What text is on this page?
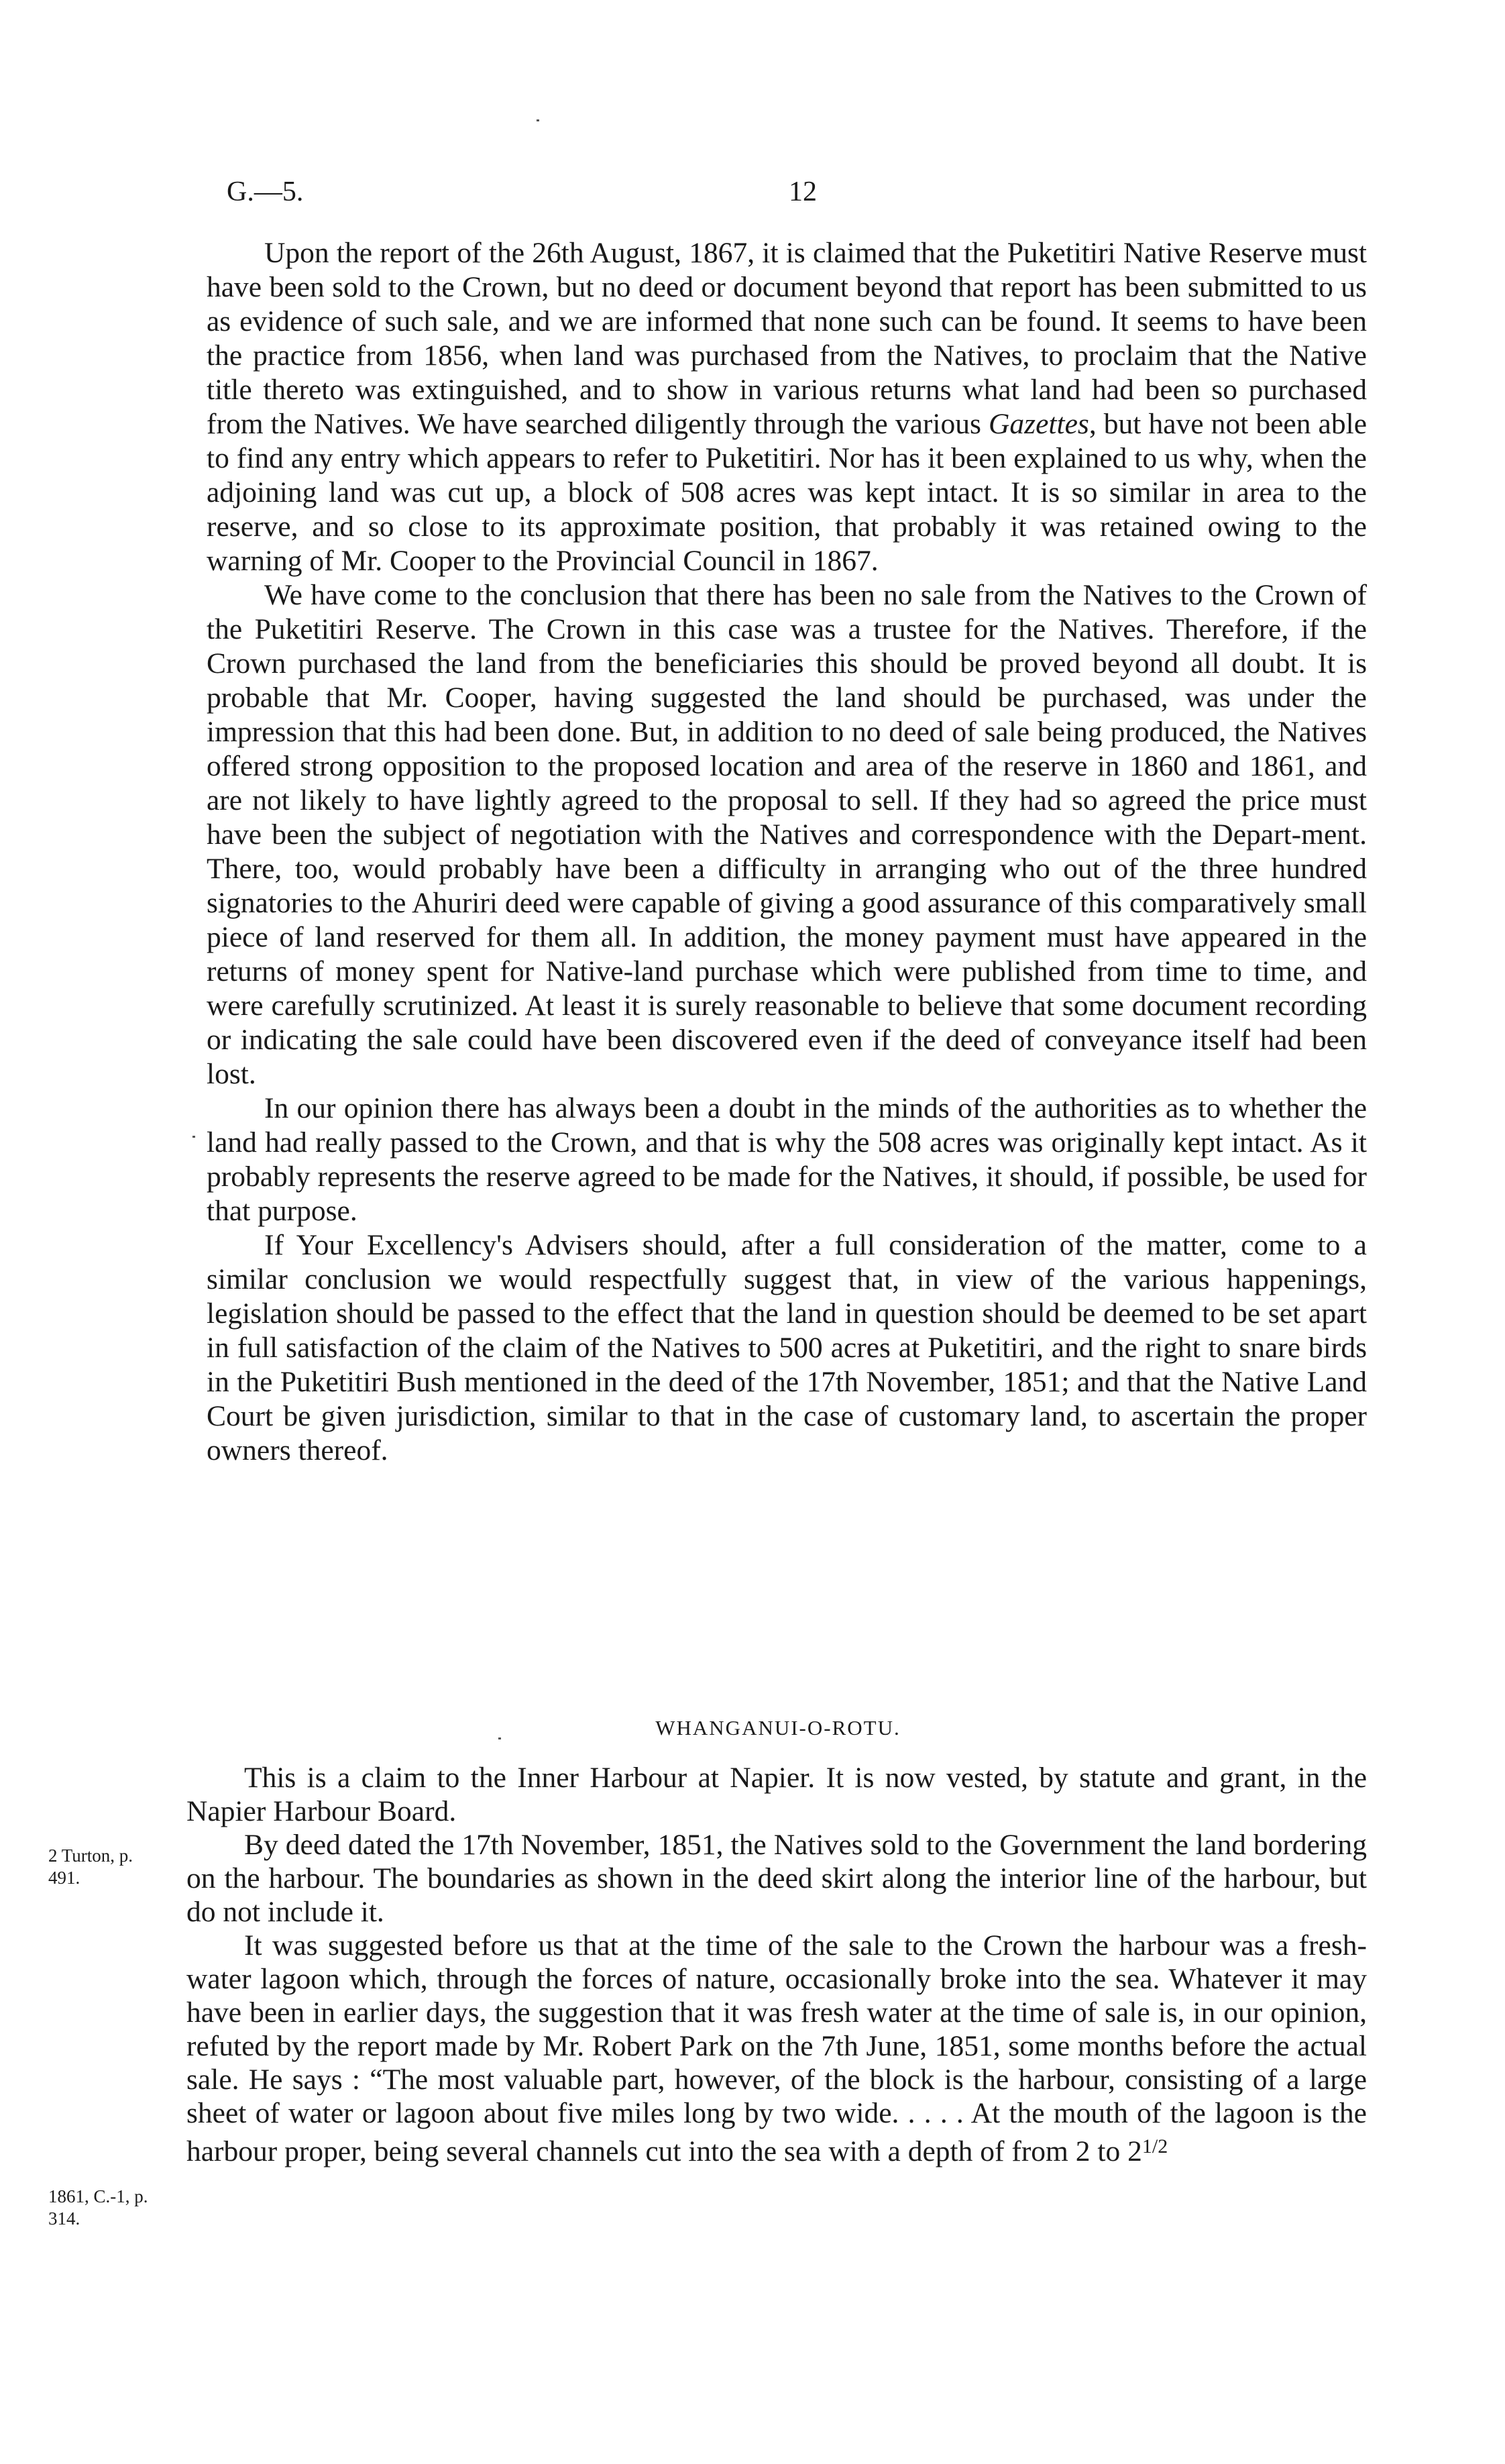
G.—5.	12

Upon the report of the 26th August, 1867, it is claimed that the Puketitiri Native Reserve must have been sold to the Crown, but no deed or document beyond that report has been submitted to us as evidence of such sale, and we are informed that none such can be found. It seems to have been the practice from 1856, when land was purchased from the Natives, to proclaim that the Native title thereto was extinguished, and to show in various returns what land had been so purchased from the Natives. We have searched diligently through the various Gazettes, but have not been able to find any entry which appears to refer to Puketitiri. Nor has it been explained to us why, when the adjoining land was cut up, a block of 508 acres was kept intact. It is so similar in area to the reserve, and so close to its approximate position, that probably it was retained owing to the warning of Mr. Cooper to the Provincial Council in 1867.

We have come to the conclusion that there has been no sale from the Natives to the Crown of the Puketitiri Reserve. The Crown in this case was a trustee for the Natives. Therefore, if the Crown purchased the land from the beneficiaries this should be proved beyond all doubt. It is probable that Mr. Cooper, having suggested the land should be purchased, was under the impression that this had been done. But, in addition to no deed of sale being produced, the Natives offered strong opposition to the proposed location and area of the reserve in 1860 and 1861, and are not likely to have lightly agreed to the proposal to sell. If they had so agreed the price must have been the subject of negotiation with the Natives and correspondence with the Depart-ment. There, too, would probably have been a difficulty in arranging who out of the three hundred signatories to the Ahuriri deed were capable of giving a good assurance of this comparatively small piece of land reserved for them all. In addition, the money payment must have appeared in the returns of money spent for Native-land purchase which were published from time to time, and were carefully scrutinized. At least it is surely reasonable to believe that some document recording or indicating the sale could have been discovered even if the deed of conveyance itself had been lost.

In our opinion there has always been a doubt in the minds of the authorities as to whether the land had really passed to the Crown, and that is why the 508 acres was originally kept intact. As it probably represents the reserve agreed to be made for the Natives, it should, if possible, be used for that purpose.

If Your Excellency's Advisers should, after a full consideration of the matter, come to a similar conclusion we would respectfully suggest that, in view of the various happenings, legislation should be passed to the effect that the land in question should be deemed to be set apart in full satisfaction of the claim of the Natives to 500 acres at Puketitiri, and the right to snare birds in the Puketitiri Bush mentioned in the deed of the 17th November, 1851; and that the Native Land Court be given jurisdiction, similar to that in the case of customary land, to ascertain the proper owners thereof.

WHANGANUI-O-ROTU.

This is a claim to the Inner Harbour at Napier. It is now vested, by statute and grant, in the Napier Harbour Board.

By deed dated the 17th November, 1851, the Natives sold to the Government the land bordering on the harbour. The boundaries as shown in the deed skirt along the interior line of the harbour, but do not include it.

It was suggested before us that at the time of the sale to the Crown the harbour was a fresh-water lagoon which, through the forces of nature, occasionally broke into the sea. Whatever it may have been in earlier days, the suggestion that it was fresh water at the time of sale is, in our opinion, refuted by the report made by Mr. Robert Park on the 7th June, 1851, some months before the actual sale. He says : “The most valuable part, however, of the block is the harbour, consisting of a large sheet of water or lagoon about five miles long by two wide. . . . . At the mouth of the lagoon is the harbour proper, being several channels cut into the sea with a depth of from 2 to $2^{1/2}$

2 Turton, p. 491.
1861, C.-1, p. 314.
